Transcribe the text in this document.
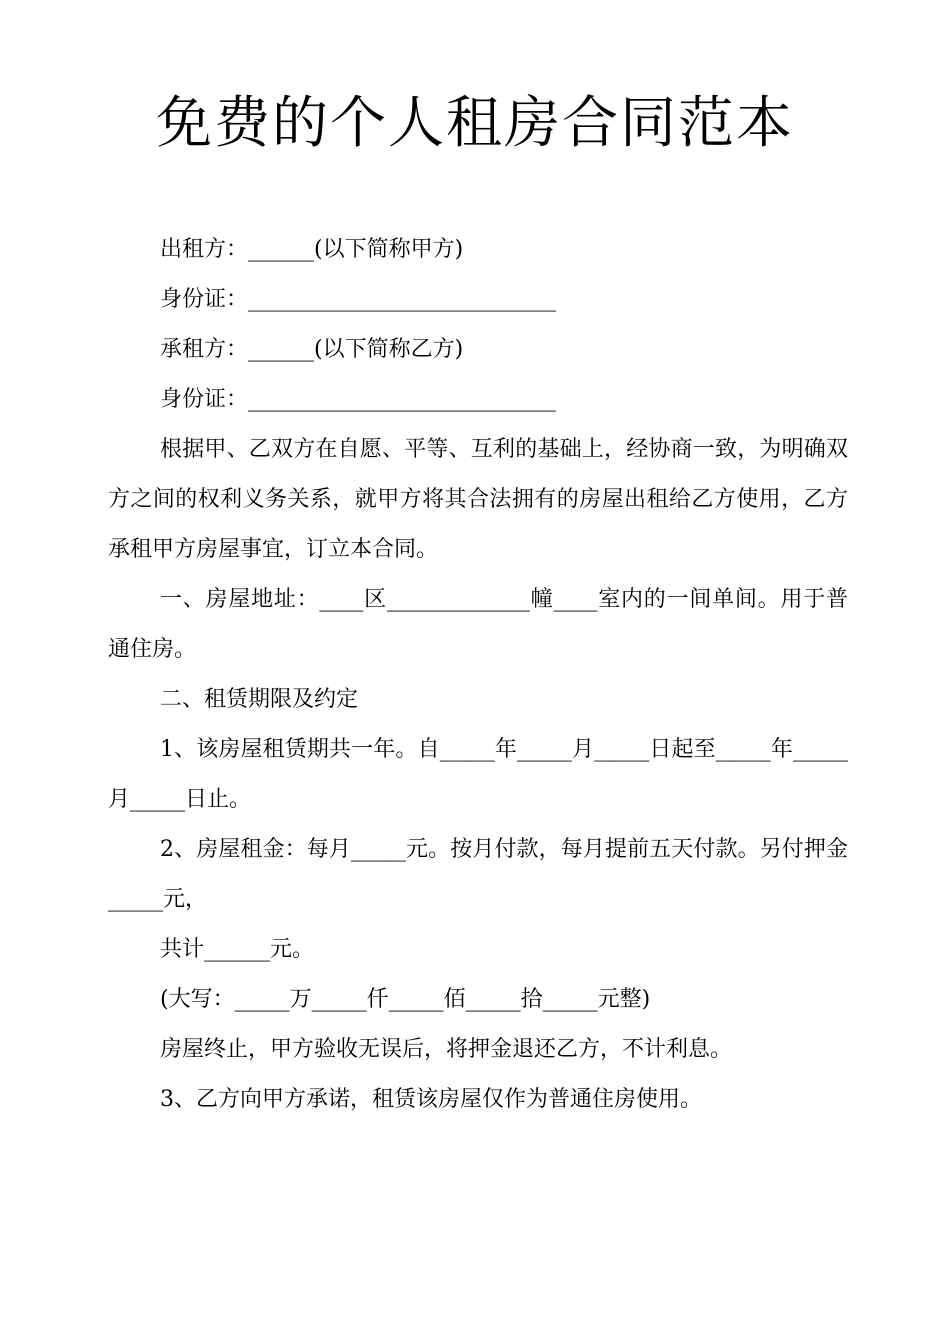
免费的个人租房合同范本

出租方：______(以下简称甲方)

身份证：____________________________

承租方：______(以下简称乙方)

身份证：____________________________

根据甲、乙双方在自愿、平等、互利的基础上，经协商一致，为明确双方之间的权利义务关系，就甲方将其合法拥有的房屋出租给乙方使用，乙方承租甲方房屋事宜，订立本合同。

一、房屋地址：____区_____________幢____室内的一间单间。用于普通住房。

二、租赁期限及约定

1、该房屋租赁期共一年。自_____年_____月_____日起至_____年_____月_____日止。

2、房屋租金：每月_____元。按月付款，每月提前五天付款。另付押金_____元，

共计______元。

(大写：_____万_____仟_____佰_____拾_____元整)

房屋终止，甲方验收无误后，将押金退还乙方，不计利息。

3、乙方向甲方承诺，租赁该房屋仅作为普通住房使用。
